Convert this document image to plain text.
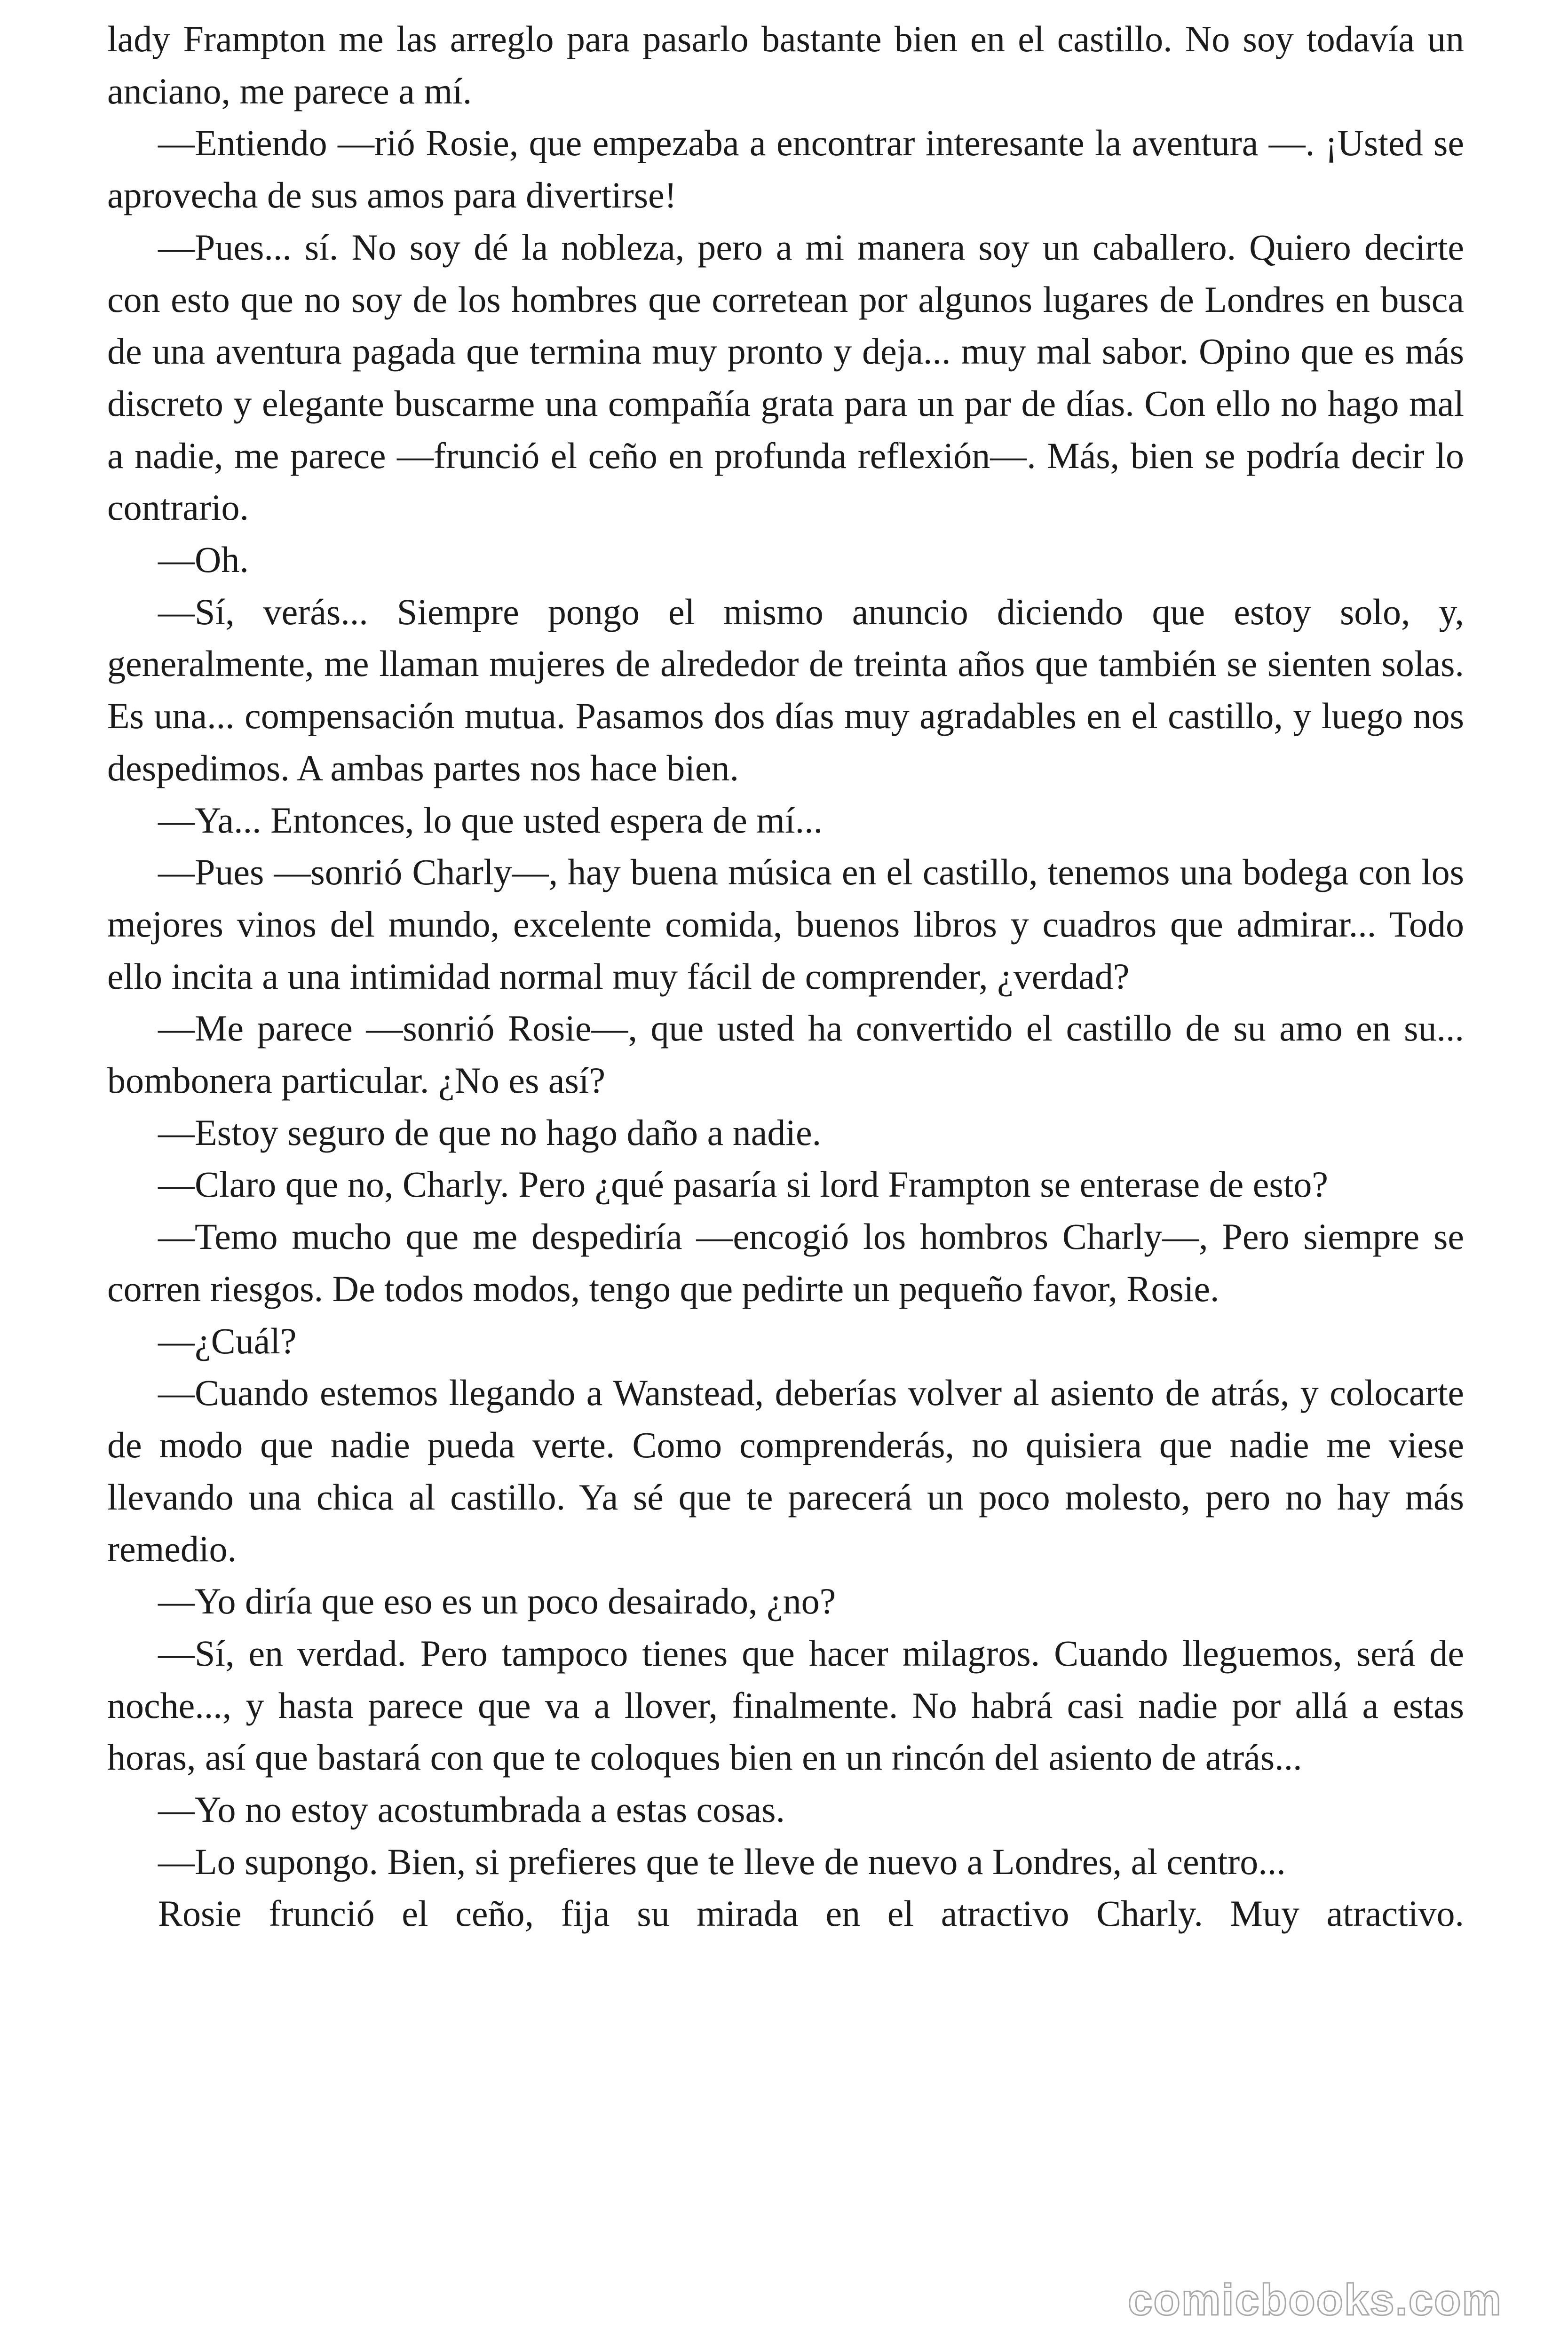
lady Frampton me las arreglo para pasarlo bastante bien en el castillo. No soy todavía un anciano, me parece a mí.

—Entiendo —rió Rosie, que empezaba a encontrar interesante la aventura —. ¡Usted se aprovecha de sus amos para divertirse!

—Pues... sí. No soy dé la nobleza, pero a mi manera soy un caballero. Quiero decirte con esto que no soy de los hombres que corretean por algunos lugares de Londres en busca de una aventura pagada que termina muy pronto y deja... muy mal sabor. Opino que es más discreto y elegante buscarme una compañía grata para un par de días. Con ello no hago mal a nadie, me parece —frunció el ceño en profunda reflexión—. Más, bien se podría decir lo contrario.

—Oh.

—Sí, verás... Siempre pongo el mismo anuncio diciendo que estoy solo, y, generalmente, me llaman mujeres de alrededor de treinta años que también se sienten solas. Es una... compensación mutua. Pasamos dos días muy agradables en el castillo, y luego nos despedimos. A ambas partes nos hace bien.

—Ya... Entonces, lo que usted espera de mí...

—Pues —sonrió Charly—, hay buena música en el castillo, tenemos una bodega con los mejores vinos del mundo, excelente comida, buenos libros y cuadros que admirar... Todo ello incita a una intimidad normal muy fácil de comprender, ¿verdad?

—Me parece —sonrió Rosie—, que usted ha convertido el castillo de su amo en su... bombonera particular. ¿No es así?

—Estoy seguro de que no hago daño a nadie.

—Claro que no, Charly. Pero ¿qué pasaría si lord Frampton se enterase de esto?

—Temo mucho que me despediría —encogió los hombros Charly—, Pero siempre se corren riesgos. De todos modos, tengo que pedirte un pequeño favor, Rosie.

—¿Cuál?

—Cuando estemos llegando a Wanstead, deberías volver al asiento de atrás, y colocarte de modo que nadie pueda verte. Como comprenderás, no quisiera que nadie me viese llevando una chica al castillo. Ya sé que te parecerá un poco molesto, pero no hay más remedio.

—Yo diría que eso es un poco desairado, ¿no?

—Sí, en verdad. Pero tampoco tienes que hacer milagros. Cuando lleguemos, será de noche..., y hasta parece que va a llover, finalmente. No habrá casi nadie por allá a estas horas, así que bastará con que te coloques bien en un rincón del asiento de atrás...

—Yo no estoy acostumbrada a estas cosas.

—Lo supongo. Bien, si prefieres que te lleve de nuevo a Londres, al centro...

Rosie frunció el ceño, fija su mirada en el atractivo Charly. Muy atractivo.

comicbooks.com
